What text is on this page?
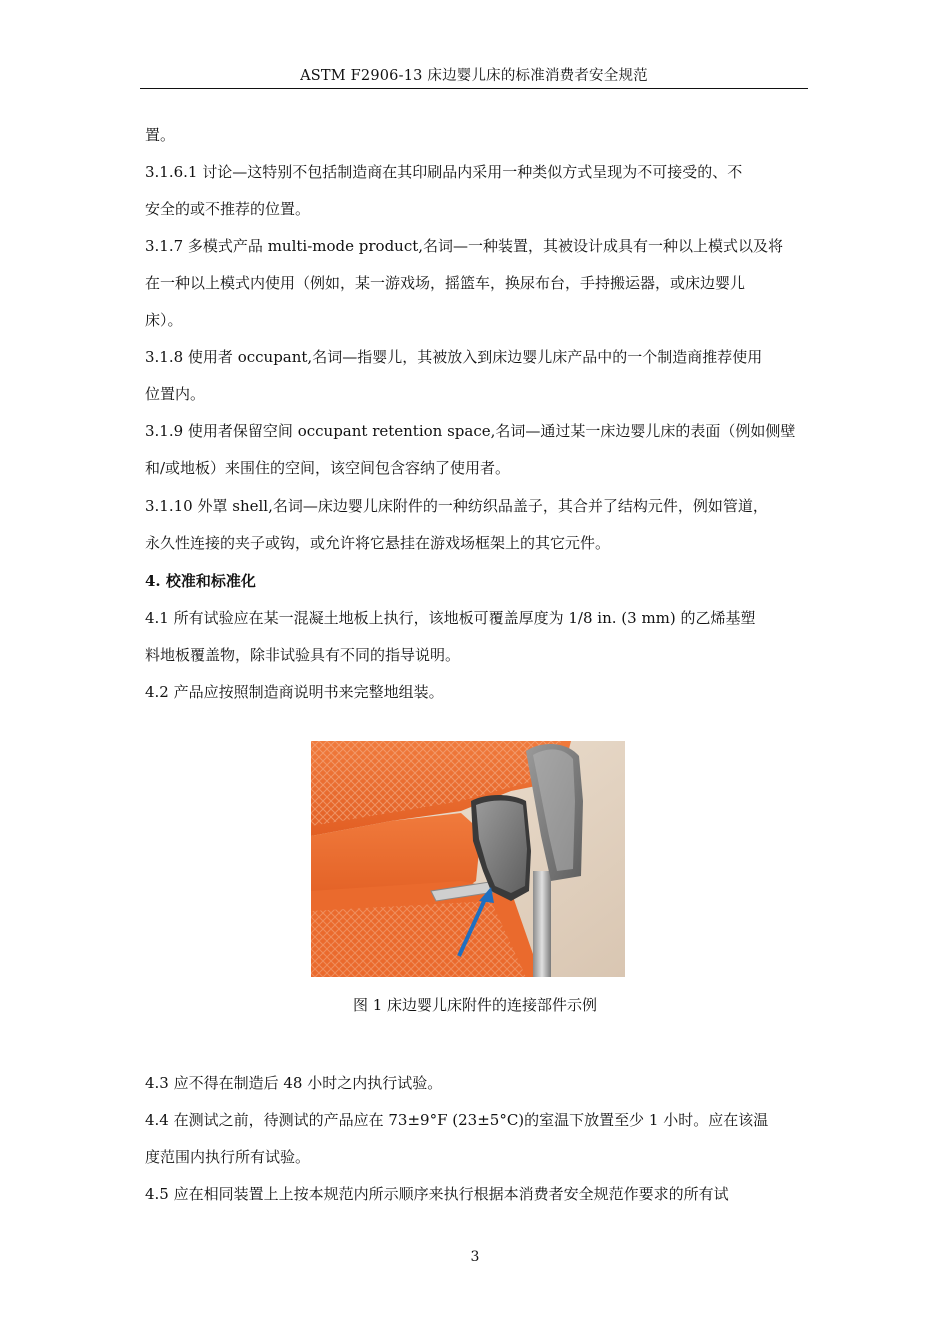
ASTM F2906-13 床边婴儿床的标准消费者安全规范
置。
3.1.6.1 讨论—这特别不包括制造商在其印刷品内采用一种类似方式呈现为不可接受的、不
安全的或不推荐的位置。
3.1.7 多模式产品 multi-mode product,名词—一种装置，其被设计成具有一种以上模式以及将
在一种以上模式内使用（例如，某一游戏场，摇篮车，换尿布台，手持搬运器，或床边婴儿
床）。
3.1.8 使用者 occupant,名词—指婴儿，其被放入到床边婴儿床产品中的一个制造商推荐使用
位置内。
3.1.9 使用者保留空间 occupant retention space,名词—通过某一床边婴儿床的表面（例如侧壁
和/或地板）来围住的空间，该空间包含容纳了使用者。
3.1.10 外罩 shell,名词—床边婴儿床附件的一种纺织品盖子，其合并了结构元件，例如管道，
永久性连接的夹子或钩，或允许将它悬挂在游戏场框架上的其它元件。
4. 校准和标准化
4.1 所有试验应在某一混凝土地板上执行，该地板可覆盖厚度为 1/8 in. (3 mm) 的乙烯基塑
料地板覆盖物，除非试验具有不同的指导说明。
4.2 产品应按照制造商说明书来完整地组装。
图 1 床边婴儿床附件的连接部件示例
4.3 应不得在制造后 48 小时之内执行试验。
4.4 在测试之前，待测试的产品应在 73±9°F (23±5°C)的室温下放置至少 1 小时。应在该温
度范围内执行所有试验。
4.5 应在相同装置上上按本规范内所示顺序来执行根据本消费者安全规范作要求的所有试
3
